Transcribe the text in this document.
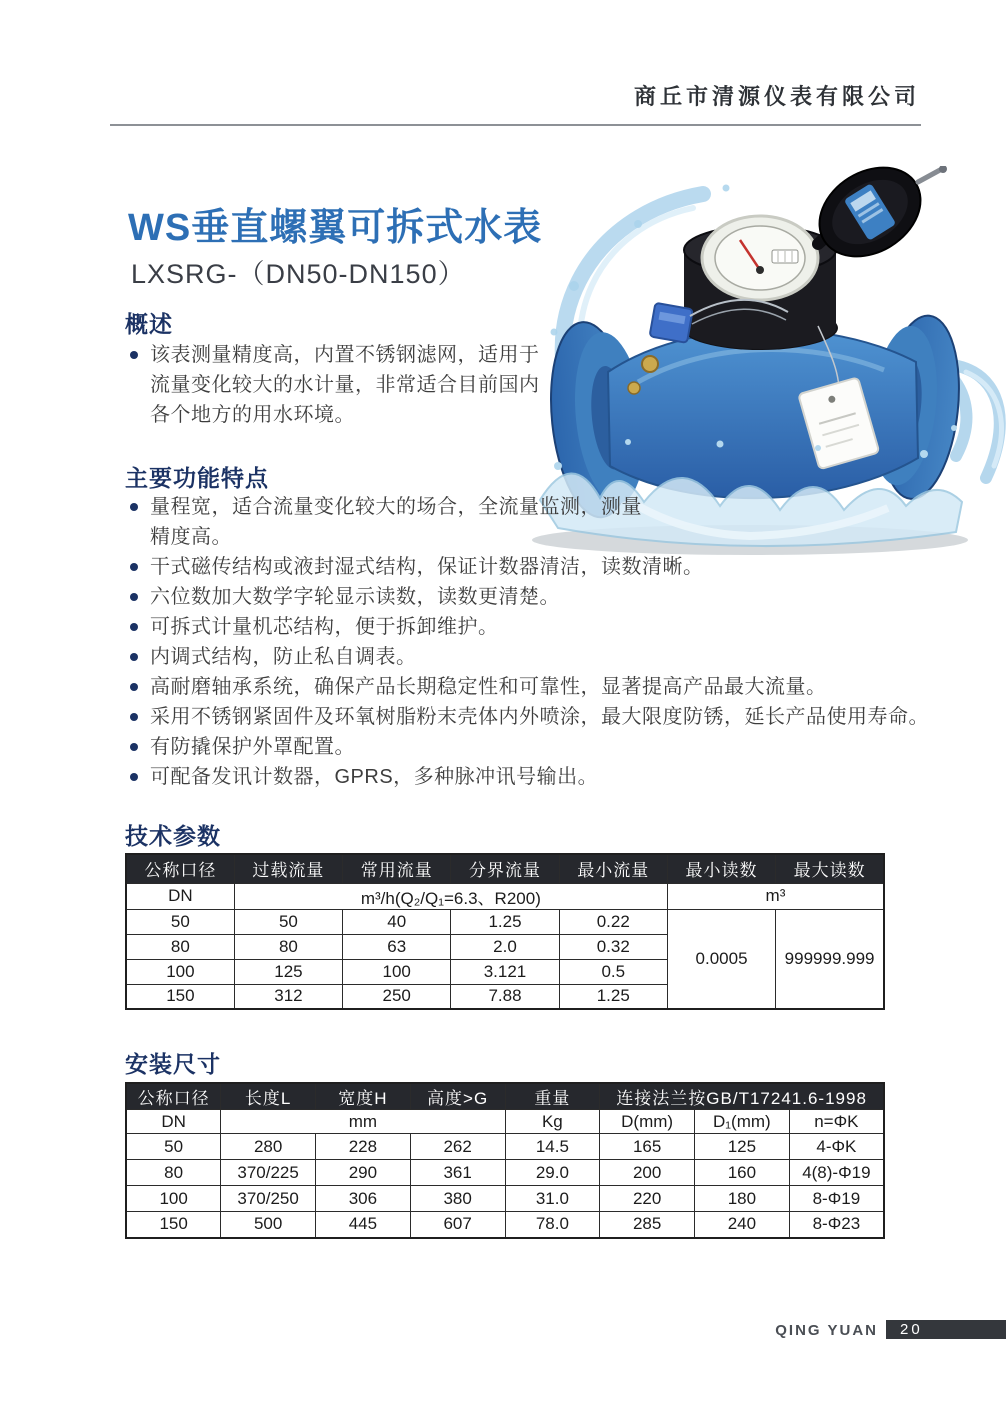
商丘市清源仪表有限公司
WS垂直螺翼可拆式水表
LXSRG-（DN50-DN150）
概述
该表测量精度高，内置不锈钢滤网，适用于流量变化较大的水计量，非常适合目前国内各个地方的用水环境。
主要功能特点
量程宽，适合流量变化较大的场合，全流量监测，测量精度高。
干式磁传结构或液封湿式结构，保证计数器清洁，读数清晰。
六位数加大数学字轮显示读数，读数更清楚。
可拆式计量机芯结构，便于拆卸维护。
内调式结构，防止私自调表。
高耐磨轴承系统，确保产品长期稳定性和可靠性，显著提高产品最大流量。
采用不锈钢紧固件及环氧树脂粉末壳体内外喷涂，最大限度防锈，延长产品使用寿命。
有防撬保护外罩配置。
可配备发讯计数器，GPRS，多种脉冲讯号输出。
技术参数
公称口径	过载流量	常用流量	分界流量	最小流量	最小读数	最大读数
DN	m³/h(Q₂/Q₁=6.3、R200)				m³	
50	50	40	1.25	0.22	0.0005	999999.999
80	80	63	2.0	0.32		
100	125	100	3.121	0.5		
150	312	250	7.88	1.25		
安装尺寸
公称口径	长度L	宽度H	高度>G	重量	连接法兰按GB/T17241.6-1998		
DN	mm			Kg	D(mm)	D₁(mm)	n=ΦK
50	280	228	262	14.5	165	125	4-ΦK
80	370/225	290	361	29.0	200	160	4(8)-Φ19
100	370/250	306	380	31.0	220	180	8-Φ19
150	500	445	607	78.0	285	240	8-Φ23
QING YUAN	20
